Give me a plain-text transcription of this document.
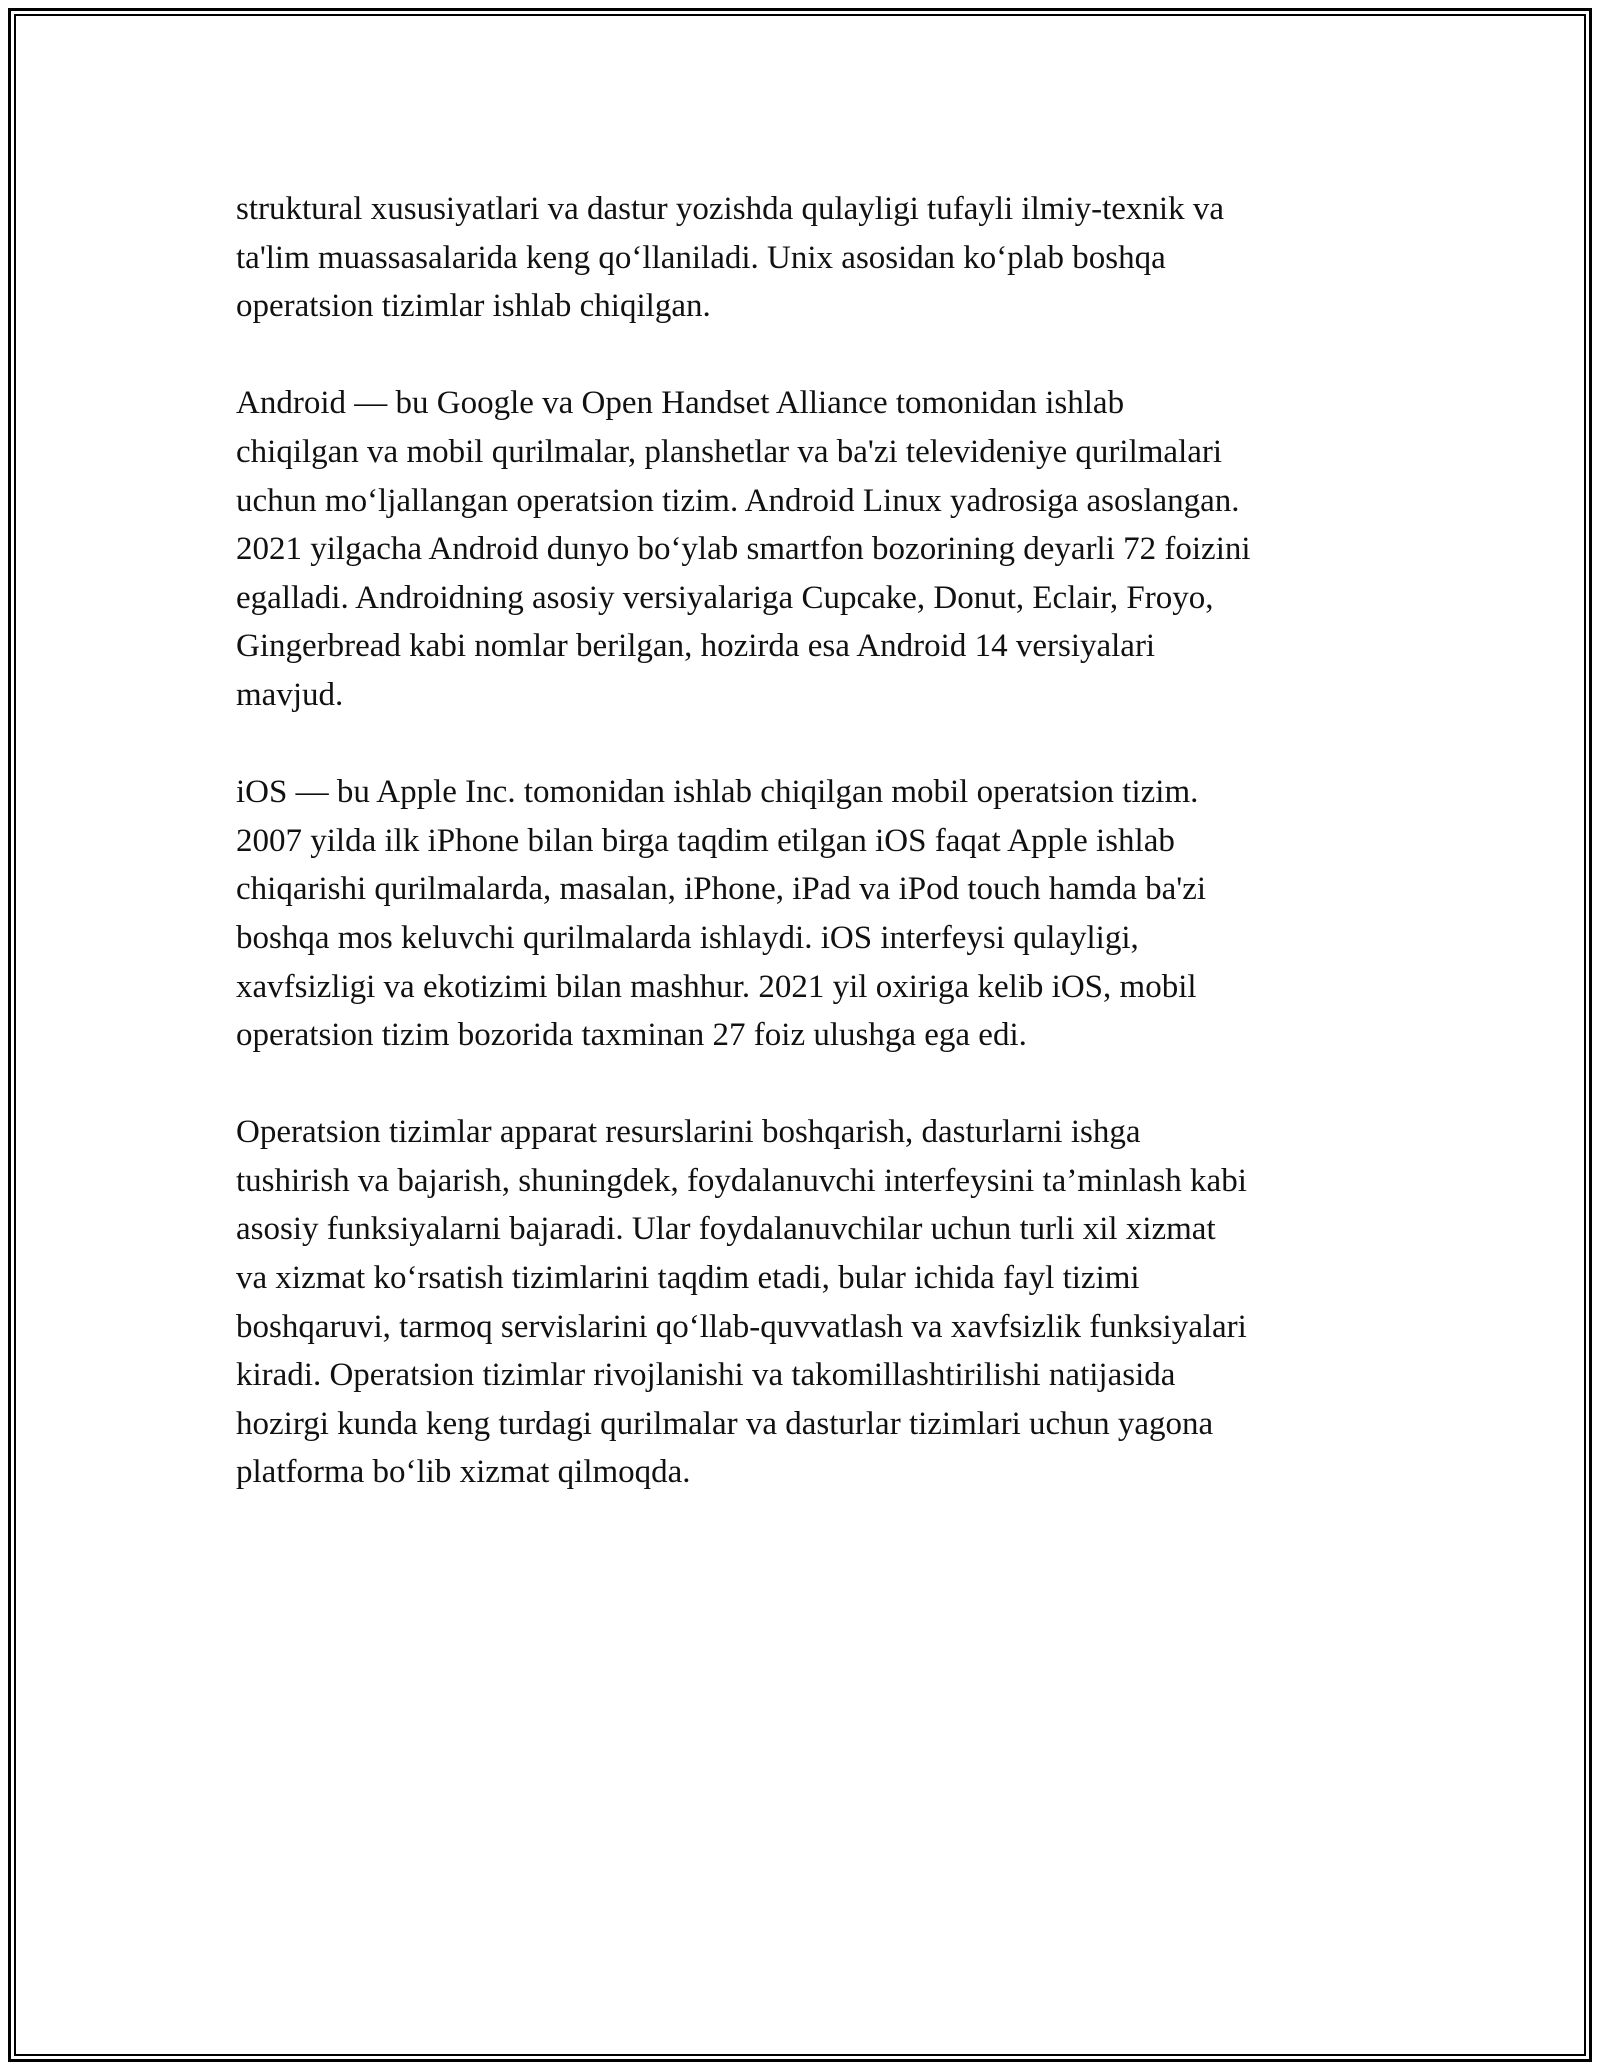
struktural xususiyatlari va dastur yozishda qulayligi tufayli ilmiy-texnik va
ta'lim muassasalarida keng qo‘llaniladi. Unix asosidan ko‘plab boshqa
operatsion tizimlar ishlab chiqilgan.

Android — bu Google va Open Handset Alliance tomonidan ishlab
chiqilgan va mobil qurilmalar, planshetlar va ba'zi televideniye qurilmalari
uchun mo‘ljallangan operatsion tizim. Android Linux yadrosiga asoslangan.
2021 yilgacha Android dunyo bo‘ylab smartfon bozorining deyarli 72 foizini
egalladi. Androidning asosiy versiyalariga Cupcake, Donut, Eclair, Froyo,
Gingerbread kabi nomlar berilgan, hozirda esa Android 14 versiyalari
mavjud.

iOS — bu Apple Inc. tomonidan ishlab chiqilgan mobil operatsion tizim.
2007 yilda ilk iPhone bilan birga taqdim etilgan iOS faqat Apple ishlab
chiqarishi qurilmalarda, masalan, iPhone, iPad va iPod touch hamda ba'zi
boshqa mos keluvchi qurilmalarda ishlaydi. iOS interfeysi qulayligi,
xavfsizligi va ekotizimi bilan mashhur. 2021 yil oxiriga kelib iOS, mobil
operatsion tizim bozorida taxminan 27 foiz ulushga ega edi.

Operatsion tizimlar apparat resurslarini boshqarish, dasturlarni ishga
tushirish va bajarish, shuningdek, foydalanuvchi interfeysini ta’minlash kabi
asosiy funksiyalarni bajaradi. Ular foydalanuvchilar uchun turli xil xizmat
va xizmat ko‘rsatish tizimlarini taqdim etadi, bular ichida fayl tizimi
boshqaruvi, tarmoq servislarini qo‘llab-quvvatlash va xavfsizlik funksiyalari
kiradi. Operatsion tizimlar rivojlanishi va takomillashtirilishi natijasida
hozirgi kunda keng turdagi qurilmalar va dasturlar tizimlari uchun yagona
platforma bo‘lib xizmat qilmoqda.
